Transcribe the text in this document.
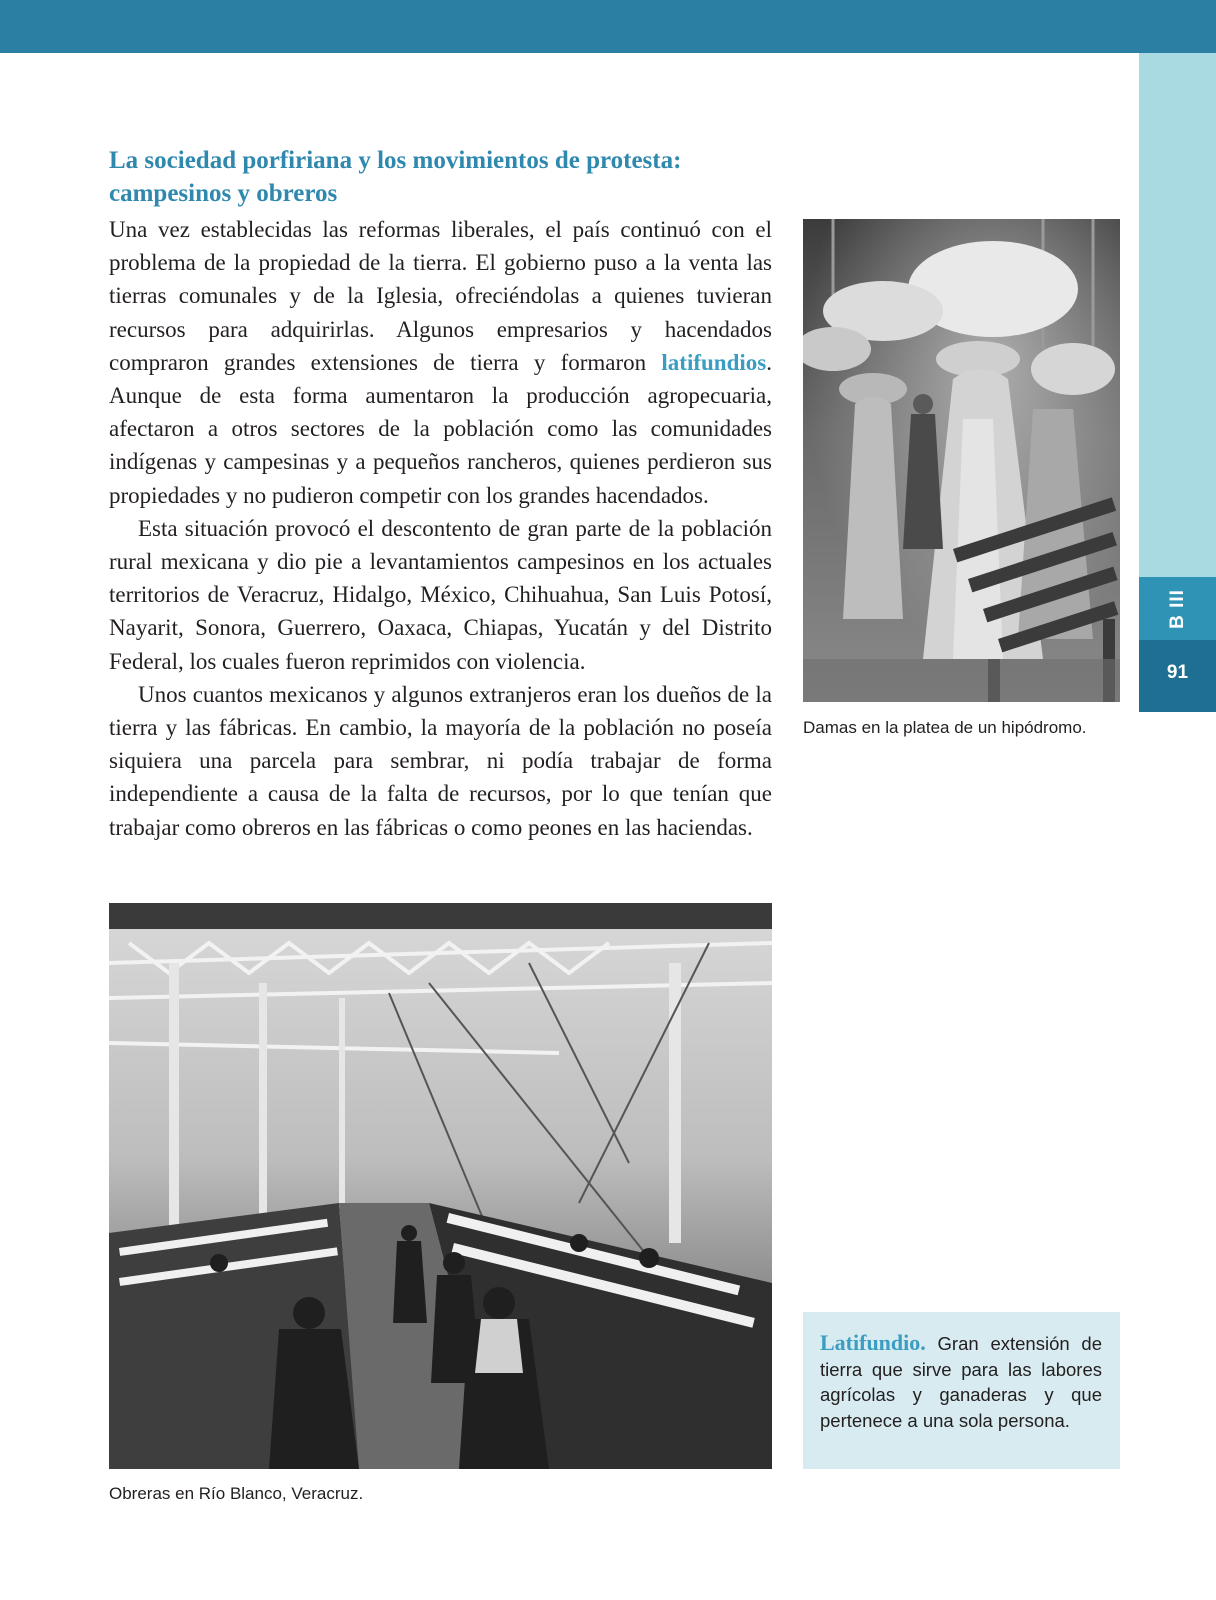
B III
91
La sociedad porfiriana y los movimientos de protesta: campesinos y obreros

Una vez establecidas las reformas liberales, el país continuó con el problema de la propiedad de la tierra. El gobierno puso a la venta las tierras comunales y de la Iglesia, ofreciéndolas a quienes tuvieran recursos para adquirirlas. Algunos empresarios y hacendados compraron grandes extensiones de tierra y formaron latifundios. Aunque de esta forma aumentaron la producción agropecuaria, afectaron a otros sectores de la población como las comunidades indígenas y campesinas y a pequeños rancheros, quienes perdieron sus propiedades y no pudieron competir con los grandes hacendados.

Esta situación provocó el descontento de gran parte de la población rural mexicana y dio pie a levantamientos campesinos en los actuales territorios de Veracruz, Hidalgo, México, Chihuahua, San Luis Potosí, Nayarit, Sonora, Guerrero, Oaxaca, Chiapas, Yucatán y del Distrito Federal, los cuales fueron reprimidos con violencia.

Unos cuantos mexicanos y algunos extranjeros eran los dueños de la tierra y las fábricas. En cambio, la mayoría de la población no poseía siquiera una parcela para sembrar, ni podía trabajar de forma independiente a causa de la falta de recursos, por lo que tenían que trabajar como obreros en las fábricas o como peones en las haciendas.

Damas en la platea de un hipódromo.

Obreras en Río Blanco, Veracruz.

Latifundio. Gran extensión de tierra que sirve para las labores agrícolas y ganaderas y que pertenece a una sola persona.
